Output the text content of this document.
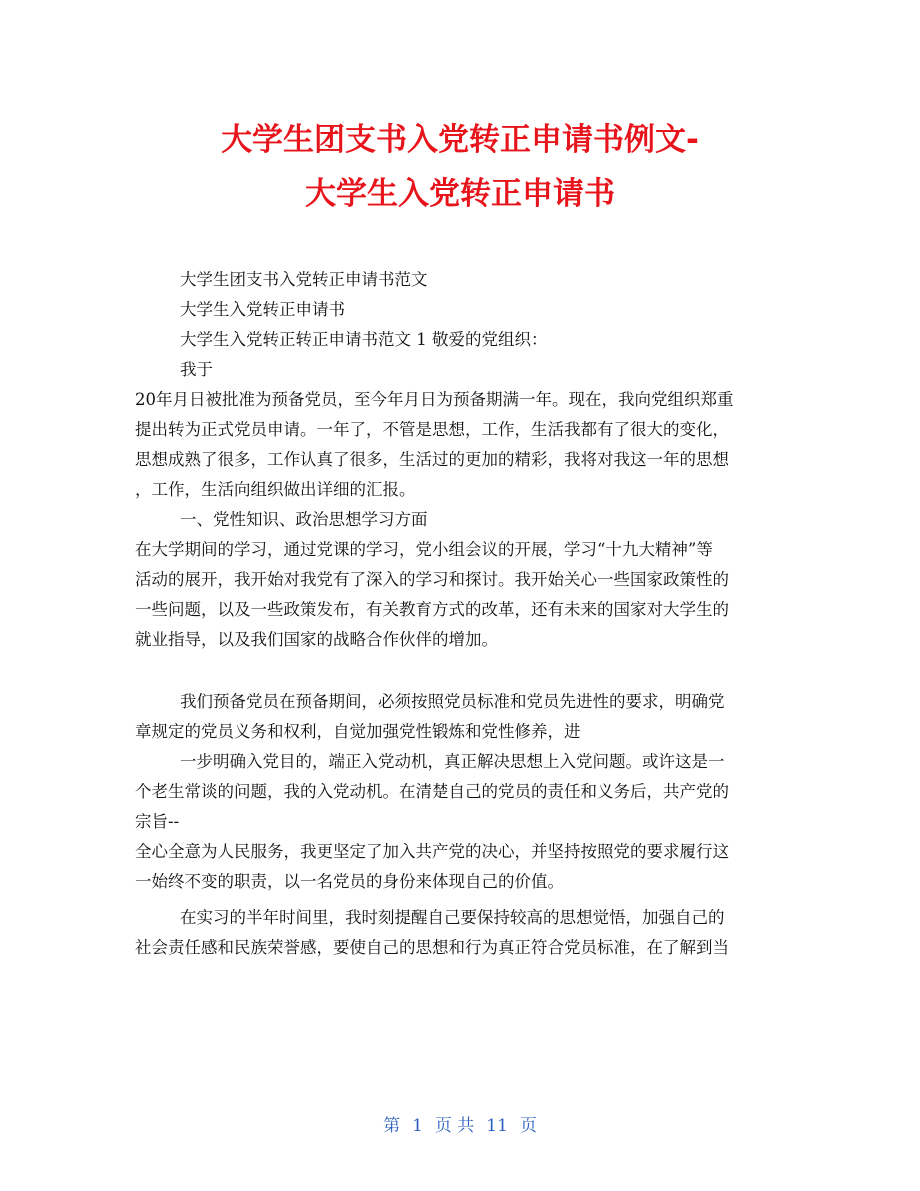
大学生团支书入党转正申请书例文-
大学生入党转正申请书

大学生团支书入党转正申请书范文

大学生入党转正申请书

大学生入党转正转正申请书范文 1 敬爱的党组织：

我于

20年月日被批准为预备党员，至今年月日为预备期满一年。现在，我向党组织郑重

提出转为正式党员申请。一年了，不管是思想，工作，生活我都有了很大的变化，

思想成熟了很多，工作认真了很多，生活过的更加的精彩，我将对我这一年的思想

，工作，生活向组织做出详细的汇报。

一、党性知识、政治思想学习方面

在大学期间的学习，通过党课的学习，党小组会议的开展，学习“十九大精神”等

活动的展开，我开始对我党有了深入的学习和探讨。我开始关心一些国家政策性的

一些问题，以及一些政策发布，有关教育方式的改革，还有未来的国家对大学生的

就业指导，以及我们国家的战略合作伙伴的增加。

我们预备党员在预备期间，必须按照党员标准和党员先进性的要求，明确党

章规定的党员义务和权利，自觉加强党性锻炼和党性修养，进

一步明确入党目的，端正入党动机，真正解决思想上入党问题。或许这是一

个老生常谈的问题，我的入党动机。在清楚自己的党员的责任和义务后，共产党的

宗旨--

全心全意为人民服务，我更坚定了加入共产党的决心，并坚持按照党的要求履行这

一始终不变的职责，以一名党员的身份来体现自己的价值。

在实习的半年时间里，我时刻提醒自己要保持较高的思想觉悟，加强自己的

社会责任感和民族荣誉感，要使自己的思想和行为真正符合党员标准，在了解到当

第 1 页 共 11 页
